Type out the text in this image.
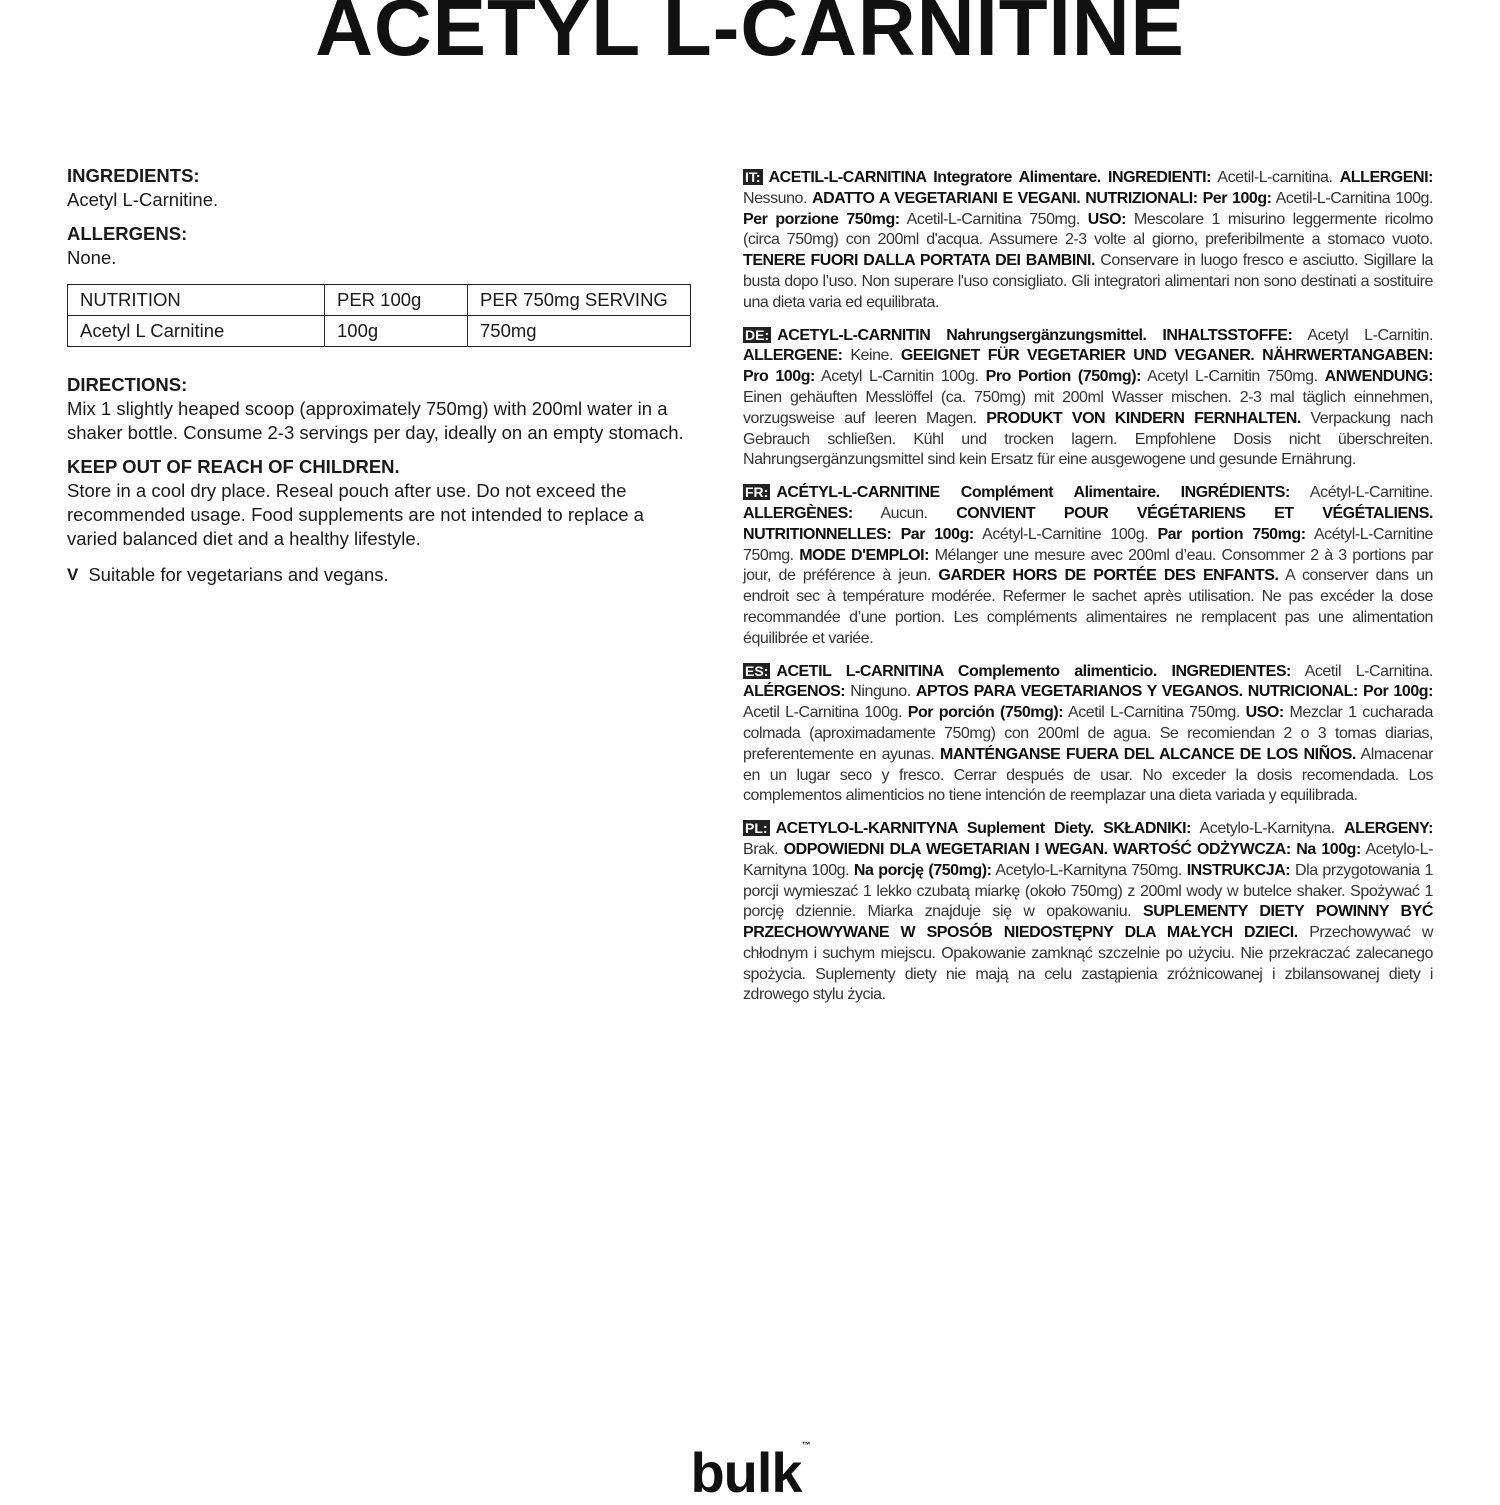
ACETYL L-CARNITINE

INGREDIENTS:

Acetyl L-Carnitine.

ALLERGENS:

None.

NUTRITION	PER 100g	PER 750mg SERVING
Acetyl L Carnitine	100g	750mg

DIRECTIONS:

Mix 1 slightly heaped scoop (approximately 750mg) with 200ml water in a shaker bottle. Consume 2-3 servings per day, ideally on an empty stomach.

KEEP OUT OF REACH OF CHILDREN.

Store in a cool dry place. Reseal pouch after use. Do not exceed the recommended usage. Food supplements are not intended to replace a varied balanced diet and a healthy lifestyle.

V Suitable for vegetarians and vegans.

IT: ACETIL-L-CARNITINA Integratore Alimentare. INGREDIENTI: Acetil-L-carnitina. ALLERGENI: Nessuno. ADATTO A VEGETARIANI E VEGANI. NUTRIZIONALI: Per 100g: Acetil-L-Carnitina 100g. Per porzione 750mg: Acetil-L-Carnitina 750mg. USO: Mescolare 1 misurino leggermente ricolmo (circa 750mg) con 200ml d'acqua. Assumere 2-3 volte al giorno, preferibilmente a stomaco vuoto. TENERE FUORI DALLA PORTATA DEI BAMBINI. Conservare in luogo fresco e asciutto. Sigillare la busta dopo l’uso. Non superare l'uso consigliato. Gli integratori alimentari non sono destinati a sostituire una dieta varia ed equilibrata.

DE: ACETYL-L-CARNITIN Nahrungsergänzungsmittel. INHALTSSTOFFE: Acetyl L-Carnitin. ALLERGENE: Keine. GEEIGNET FÜR VEGETARIER UND VEGANER. NÄHRWERTANGABEN: Pro 100g: Acetyl L-Carnitin 100g. Pro Portion (750mg): Acetyl L-Carnitin 750mg. ANWENDUNG: Einen gehäuften Messlöffel (ca. 750mg) mit 200ml Wasser mischen. 2-3 mal täglich einnehmen, vorzugsweise auf leeren Magen. PRODUKT VON KINDERN FERNHALTEN. Verpackung nach Gebrauch schließen. Kühl und trocken lagern. Empfohlene Dosis nicht überschreiten. Nahrungsergänzungsmittel sind kein Ersatz für eine ausgewogene und gesunde Ernährung.

FR: ACÉTYL-L-CARNITINE Complément Alimentaire. INGRÉDIENTS: Acétyl-L-Carnitine. ALLERGÈNES: Aucun. CONVIENT POUR VÉGÉTARIENS ET VÉGÉTALIENS. NUTRITIONNELLES: Par 100g: Acétyl-L-Carnitine 100g. Par portion 750mg: Acétyl-L-Carnitine 750mg. MODE D'EMPLOI: Mélanger une mesure avec 200ml d’eau. Consommer 2 à 3 portions par jour, de préférence à jeun. GARDER HORS DE PORTÉE DES ENFANTS. A conserver dans un endroit sec à température modérée. Refermer le sachet après utilisation. Ne pas excéder la dose recommandée d’une portion. Les compléments alimentaires ne remplacent pas une alimentation équilibrée et variée.

ES: ACETIL L-CARNITINA Complemento alimenticio. INGREDIENTES: Acetil L-Carnitina. ALÉRGENOS: Ninguno. APTOS PARA VEGETARIANOS Y VEGANOS. NUTRICIONAL: Por 100g: Acetil L-Carnitina 100g. Por porción (750mg): Acetil L-Carnitina 750mg. USO: Mezclar 1 cucharada colmada (aproximadamente 750mg) con 200ml de agua. Se recomiendan 2 o 3 tomas diarias, preferentemente en ayunas. MANTÉNGANSE FUERA DEL ALCANCE DE LOS NIÑOS. Almacenar en un lugar seco y fresco. Cerrar después de usar. No exceder la dosis recomendada. Los complementos alimenticios no tiene intención de reemplazar una dieta variada y equilibrada.

PL: ACETYLO-L-KARNITYNA Suplement Diety. SKŁADNIKI: Acetylo-L-Karnityna. ALERGENY: Brak. ODPOWIEDNI DLA WEGETARIAN I WEGAN. WARTOŚĆ ODŻYWCZA: Na 100g: Acetylo-L-Karnityna 100g. Na porcję (750mg): Acetylo-L-Karnityna 750mg. INSTRUKCJA: Dla przygotowania 1 porcji wymieszać 1 lekko czubatą miarkę (około 750mg) z 200ml wody w butelce shaker. Spożywać 1 porcję dziennie. Miarka znajduje się w opakowaniu. SUPLEMENTY DIETY POWINNY BYĆ PRZECHOWYWANE W SPOSÓB NIEDOSTĘPNY DLA MAŁYCH DZIECI. Przechowywać w chłodnym i suchym miejscu. Opakowanie zamknąć szczelnie po użyciu. Nie przekraczać zalecanego spożycia. Suplementy diety nie mają na celu zastąpienia zróżnicowanej i zbilansowanej diety i zdrowego stylu życia.

bulk™
